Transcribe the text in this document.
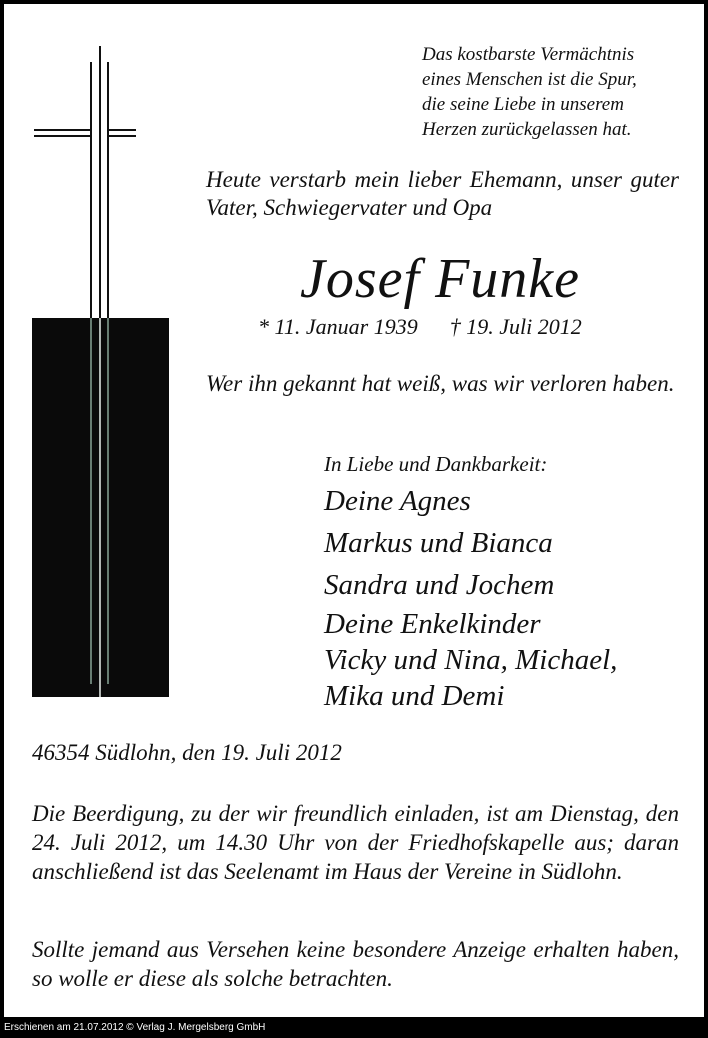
Das kostbarste Vermächtnis
eines Menschen ist die Spur,
die seine Liebe in unserem
Herzen zurückgelassen hat.

Heute verstarb mein lieber Ehemann, unser guter Vater, Schwiegervater und Opa

Josef Funke
* 11. Januar 1939 † 19. Juli 2012

Wer ihn gekannt hat weiß, was wir verloren haben.

In Liebe und Dankbarkeit:
Deine Agnes
Markus und Bianca
Sandra und Jochem
Deine Enkelkinder
Vicky und Nina, Michael,
Mika und Demi
46354 Südlohn, den 19. Juli 2012

Die Beerdigung, zu der wir freundlich einladen, ist am Dienstag, den 24. Juli 2012, um 14.30 Uhr von der Friedhofskapelle aus; daran anschließend ist das Seelenamt im Haus der Vereine in Südlohn.

Sollte jemand aus Versehen keine besondere Anzeige erhalten haben, so wolle er diese als solche betrachten.

Erschienen am 21.07.2012 © Verlag J. Mergelsberg GmbH
